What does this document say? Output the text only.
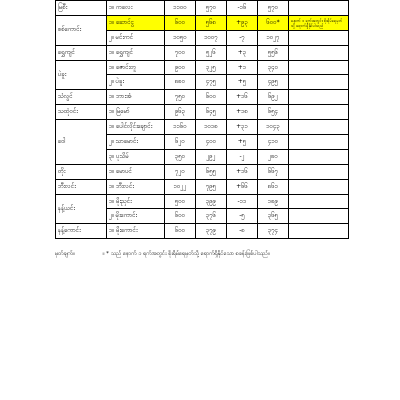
မြစီး	၁။ ကလေး	၁၁၀၀	၅၇၀	-၁၆	၅၇၀	
စစ်ကောင်း	၁။ ဆောင်ငွ	၆၀၀	၅၆၈	+၉၃	၆၀၀*	နောက် ၁ ရက်အတွင်း စိုးရိမ်ရေမှတ်သို့ ရောက်ရှိနိုင်ပါသည်
	၂။ မင်းကင်	၁၀၅၀	၁၀၀၇	-၇	၁၀၂၇	
ရွှေကျင်	၁။ ရွှေကျင်	၇၀၀	၅၂၆	+၃	၅၅၆	
ပဲခူး	၁။ ဇောင်းတူ	၉၀၀	၃၂၅	+၁	၃၄၀	
	၂။ ပဲခူး	၈၈၀	၄၇၅	+၅	၄၉၅	
သံလွင်	၁။ ဘားအံ	၇၅၀	၆၀၀	+၁၆	၆၉၂	
သထုံဝင်း	၁။ မြဲမော်	၉၆၃	၆၄၅	+၁၈	၆၅၄	
ဝေါ	၁။ ပေါင်လိုင်းချောင်း	၁၁၆၀	၁၀၁၈	+၃၁	၁၀၄၃	
	၂။ သာမောင်း	၆၂၀	၄၀၀	+၅	၄၁၀	
	၃။ ပုသိမ်	၃၅၀	၂၉၂	-၂	၂၈၀	
တိုး	၁။ မောပင်	၇၂၀	၆၅၅	+၁၆	၆၆၇	
ဘီးလင်း	၁။ ဘီးလင်း	၁၀၂၂	၇၉၅	+၆၆	၈၆၁	
နန့်ယင်း	၁။ မိုးညှင်း	၅၀၀	၃၉၉	-၁၁	၁၈၉	
	၂။ မိုးကောင်း	၆၀၀	၃၇၆	-၅	၃၆၅	
နန့်ကောင်း	၁။ မိုးကောင်း	၆၀၀	၃၇၉	-၈	၃၇၄	
မှတ်ချက်။	။ * သည် နောက် ၁ ရက်အတွင်း စိုးရိမ်ရေမှတ်သို့ ရောက်ရှိနိုင်သော စခန်းဖြစ်ပါသည်။
